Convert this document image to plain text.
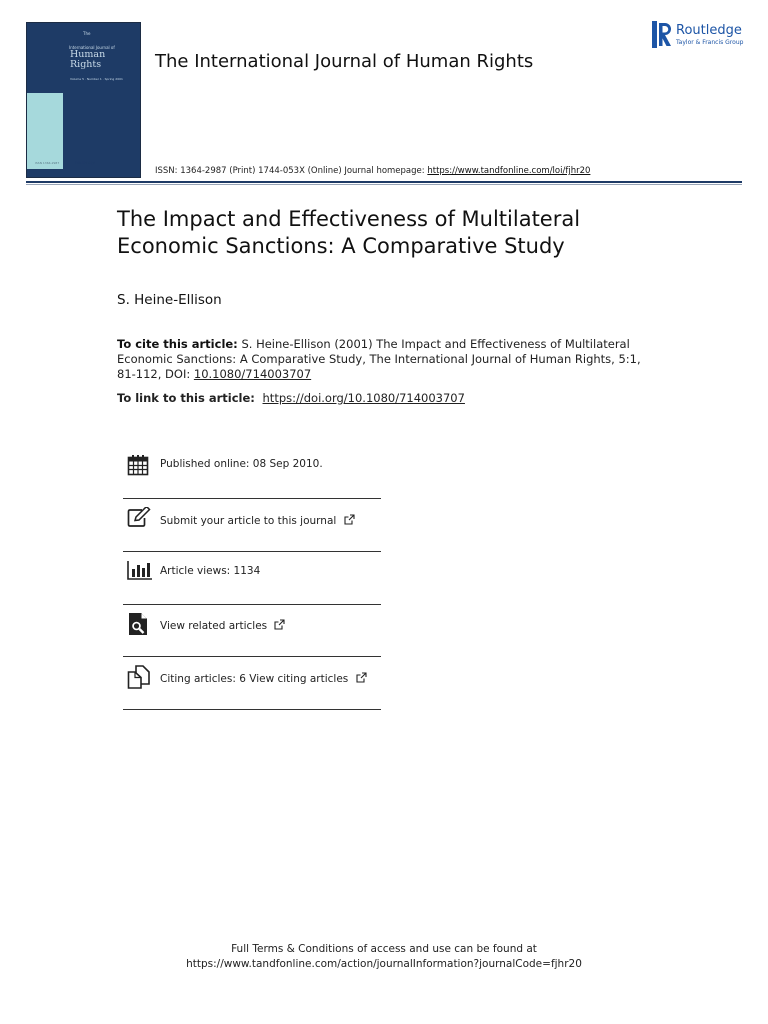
The
International Journal of
Human
Rights
Volume 5 · Number 1 · Spring 2001
ISSN 1364-2987	Routledge
The International Journal of Human Rights
Routledge
Taylor & Francis Group
ISSN: 1364-2987 (Print) 1744-053X (Online) Journal homepage: https://www.tandfonline.com/loi/fjhr20
The Impact and Effectiveness of Multilateral
Economic Sanctions: A Comparative Study
S. Heine-Ellison
To cite this article: S. Heine-Ellison (2001) The Impact and Effectiveness of Multilateral Economic Sanctions: A Comparative Study, The International Journal of Human Rights, 5:1, 81-112, DOI: 10.1080/714003707
To link to this article: https://doi.org/10.1080/714003707
Published online: 08 Sep 2010.
Submit your article to this journal
Article views: 1134
View related articles
Citing articles: 6 View citing articles
Full Terms & Conditions of access and use can be found at
https://www.tandfonline.com/action/journalInformation?journalCode=fjhr20
